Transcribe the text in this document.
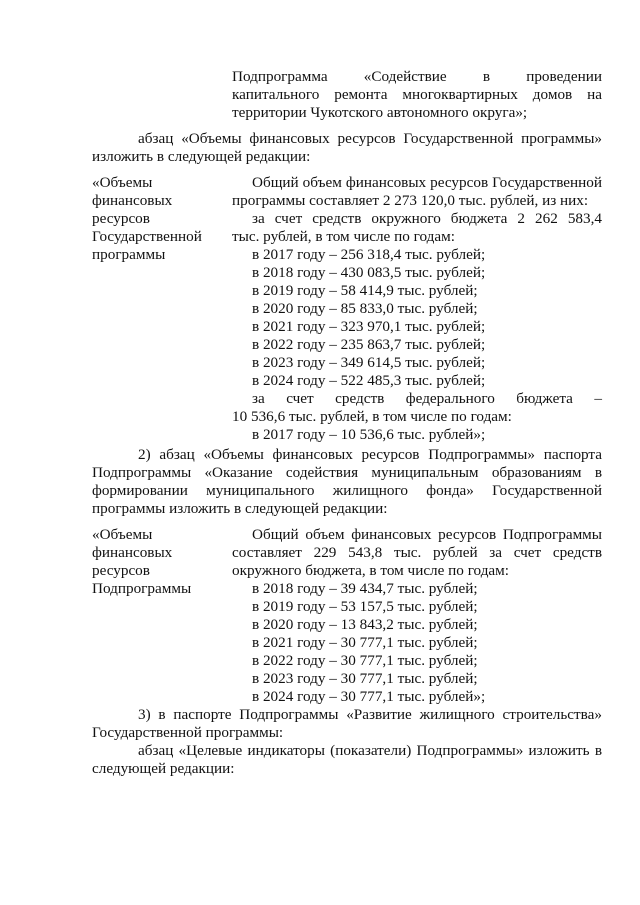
Подпрограмма «Содействие в проведении
капитального ремонта многоквартирных домов на
территории Чукотского автономного округа»;
абзац «Объемы финансовых ресурсов Государственной программы»
изложить в следующей редакции:
«Объемы
финансовых
ресурсов
Государственной
программы
Общий объем финансовых ресурсов Государственной
программы составляет 2 273 120,0 тыс. рублей, из них:
за счет средств окружного бюджета 2 262 583,4
тыс. рублей, в том числе по годам:
в 2017 году – 256 318,4 тыс. рублей;
в 2018 году – 430 083,5 тыс. рублей;
в 2019 году – 58 414,9 тыс. рублей;
в 2020 году – 85 833,0 тыс. рублей;
в 2021 году – 323 970,1 тыс. рублей;
в 2022 году – 235 863,7 тыс. рублей;
в 2023 году – 349 614,5 тыс. рублей;
в 2024 году – 522 485,3 тыс. рублей;
за счет средств федерального бюджета –
10 536,6 тыс. рублей, в том числе по годам:
в 2017 году – 10 536,6 тыс. рублей»;
2) абзац «Объемы финансовых ресурсов Подпрограммы» паспорта
Подпрограммы «Оказание содействия муниципальным образованиям в
формировании муниципального жилищного фонда» Государственной
программы изложить в следующей редакции:
«Объемы
финансовых
ресурсов
Подпрограммы
Общий объем финансовых ресурсов Подпрограммы
составляет 229 543,8 тыс. рублей за счет средств
окружного бюджета, в том числе по годам:
в 2018 году – 39 434,7 тыс. рублей;
в 2019 году – 53 157,5 тыс. рублей;
в 2020 году – 13 843,2 тыс. рублей;
в 2021 году – 30 777,1 тыс. рублей;
в 2022 году – 30 777,1 тыс. рублей;
в 2023 году – 30 777,1 тыс. рублей;
в 2024 году – 30 777,1 тыс. рублей»;
3) в паспорте Подпрограммы «Развитие жилищного строительства»
Государственной программы:
абзац «Целевые индикаторы (показатели) Подпрограммы» изложить в
следующей редакции:
